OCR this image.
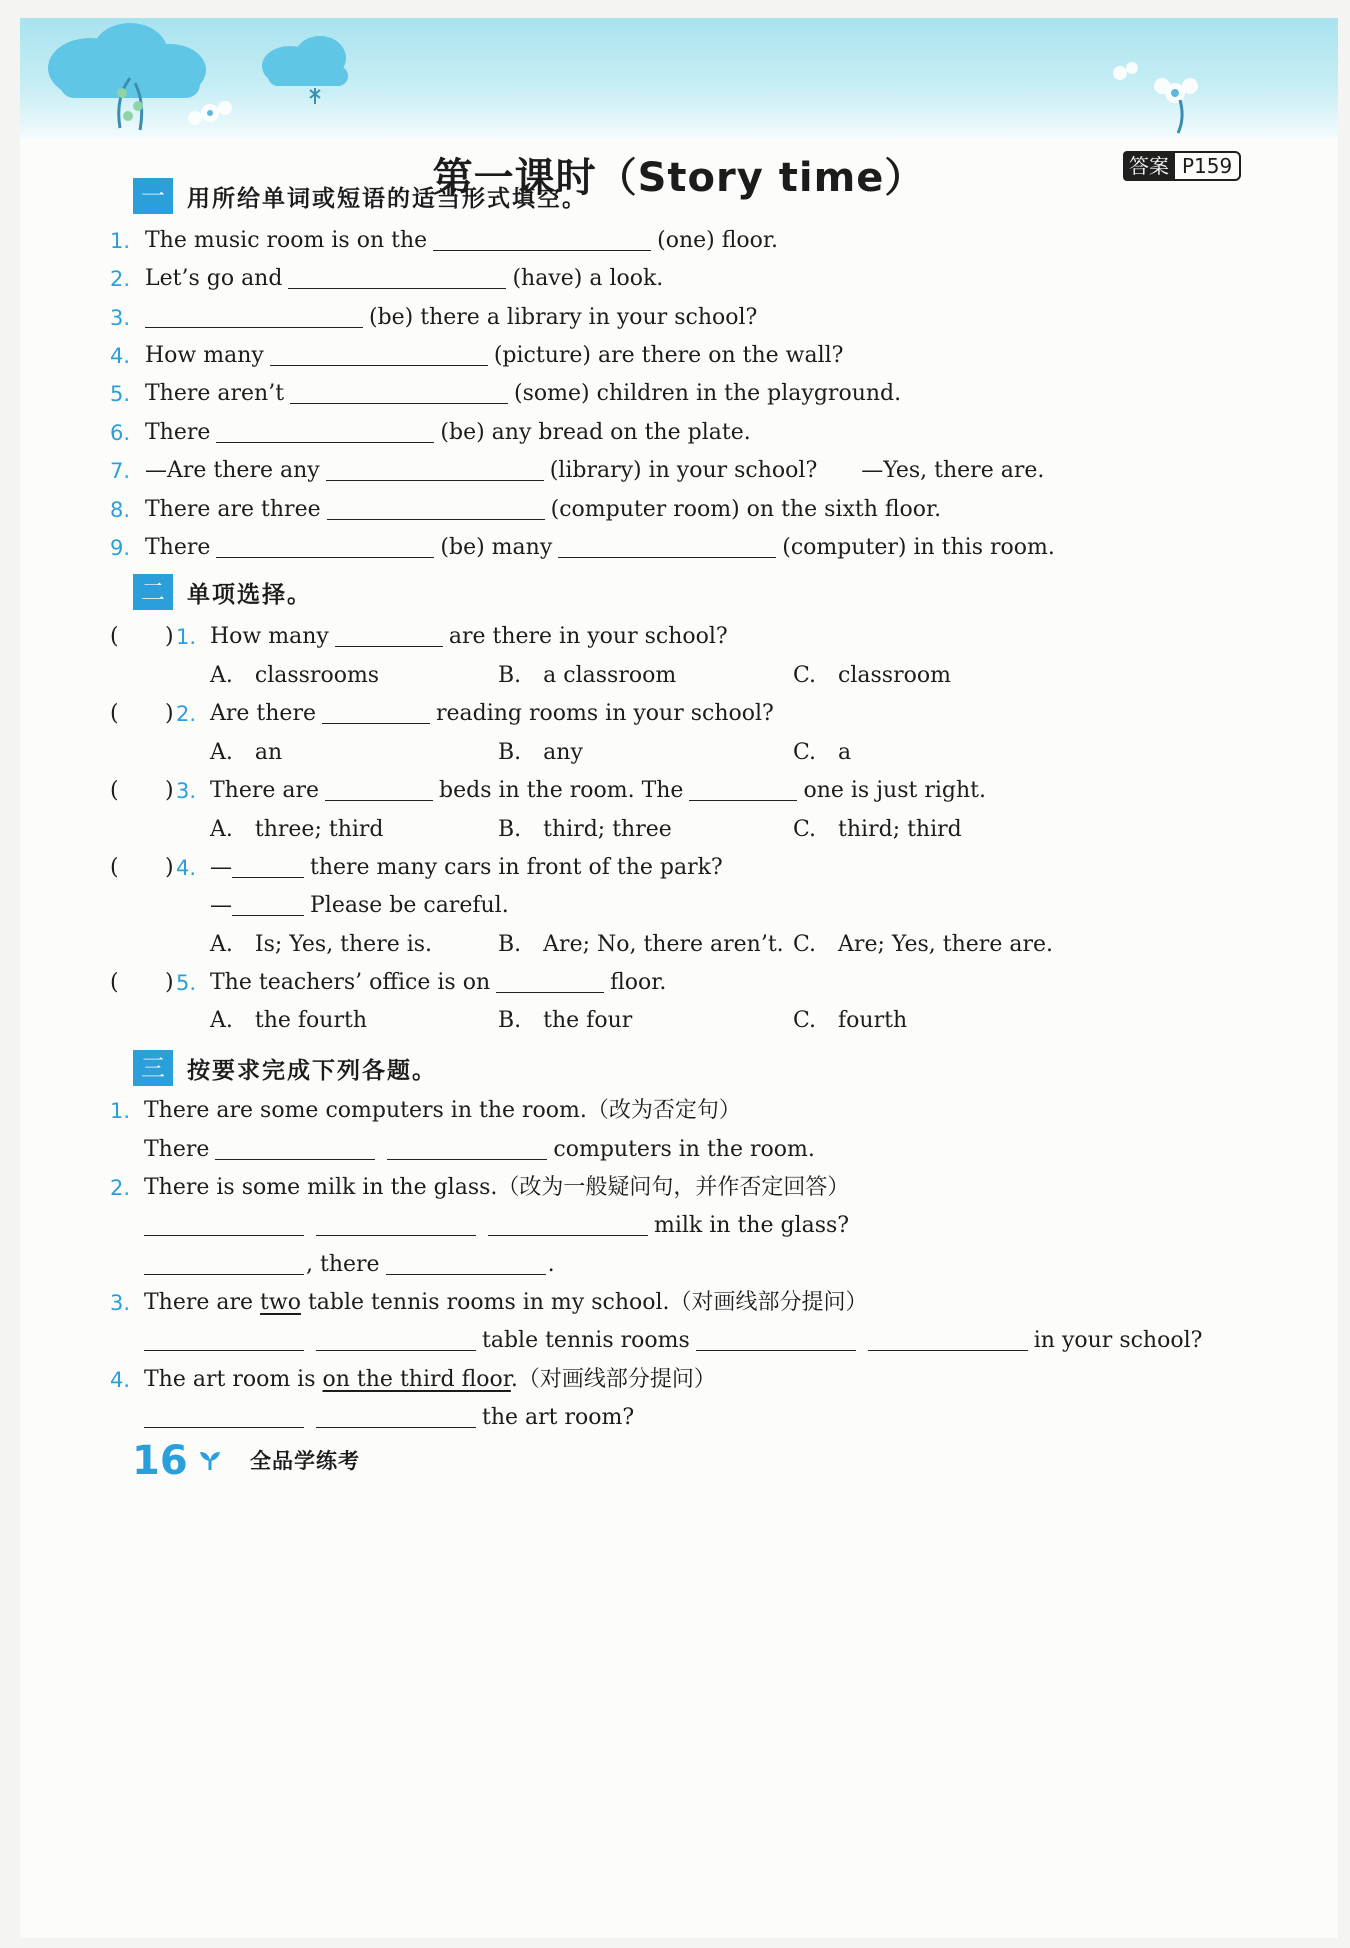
第一课时（Story time）	答案 P159
一 用所给单词或短语的适当形式填空。
1. The music room is on the	(one) floor.
2. Let’s go and	(have) a look.
3.	(be) there a library in your school?
4. How many	(picture) are there on the wall?
5. There aren’t	(some) children in the playground.
6. There	(be) any bread on the plate.
7. —Are there any	(library) in your school?　　—Yes, there are.
8. There are three	(computer room) on the sixth floor.
9. There	(be) many	(computer) in this room.
二 单项选择。
( ) 1. How many	are there in your school?
A.　classrooms	B.　a classroom	C.　classroom
( ) 2. Are there	reading rooms in your school?
A.　an	B.　any	C.　a
( ) 3. There are	beds in the room. The	one is just right.
A.　three; third	B.　third; three	C.　third; third
( ) 4. —	there many cars in front of the park?
—	Please be careful.
A.　Is; Yes, there is.	B.　Are; No, there aren’t. C.　Are; Yes, there are.
( ) 5. The teachers’ office is on	floor.
A.　the fourth	B.　the four	C.　fourth
三 按要求完成下列各题。
1. There are some computers in the room.（改为否定句）
There	computers in the room.
2. There is some milk in the glass.（改为一般疑问句，并作否定回答）
milk in the glass?
, there	.
3. There are two table tennis rooms in my school.（对画线部分提问）
table tennis rooms	in your school?
4. The art room is on the third floor.（对画线部分提问）
the art room?
16	全品学练考
